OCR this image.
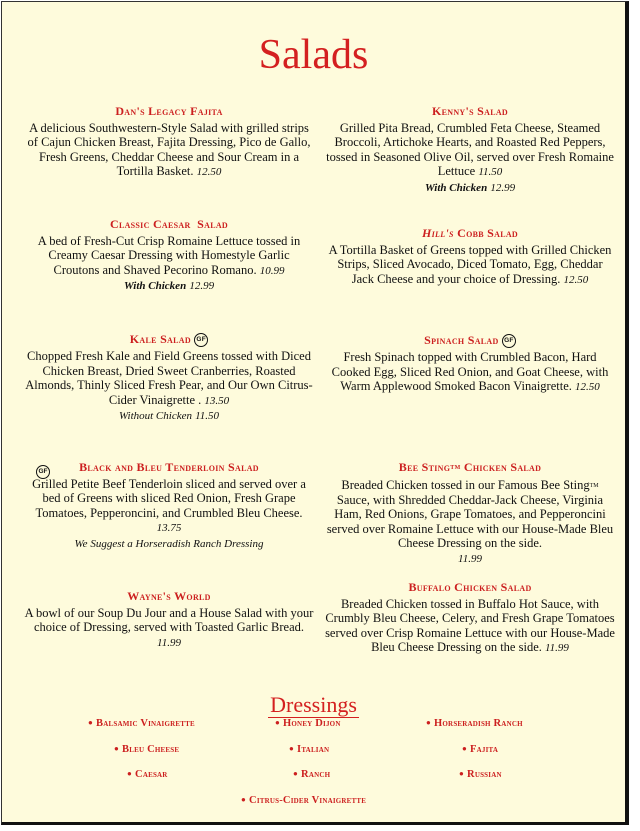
Salads
Dan's Legacy Fajita

A delicious Southwestern-Style Salad with grilled strips of Cajun Chicken Breast, Fajita Dressing, Pico de Gallo, Fresh Greens, Cheddar Cheese and Sour Cream in a Tortilla Basket. 12.50

Kenny's Salad

Grilled Pita Bread, Crumbled Feta Cheese, Steamed Broccoli, Artichoke Hearts, and Roasted Red Peppers, tossed in Seasoned Olive Oil, served over Fresh Romaine Lettuce 11.50

With Chicken 12.99

Classic Caesar  Salad

A bed of Fresh-Cut Crisp Romaine Lettuce tossed in Creamy Caesar Dressing with Homestyle Garlic Croutons and Shaved Pecorino Romano. 10.99

With Chicken 12.99

Hill's Cobb Salad

A Tortilla Basket of Greens topped with Grilled Chicken Strips, Sliced Avocado, Diced Tomato, Egg, Cheddar Jack Cheese and your choice of Dressing. 12.50

Kale Salad GF

Chopped Fresh Kale and Field Greens tossed with Diced Chicken Breast, Dried Sweet Cranberries, Roasted Almonds, Thinly Sliced Fresh Pear, and Our Own Citrus-Cider Vinaigrette . 13.50

Without Chicken 11.50

Spinach Salad GF

Fresh Spinach topped with Crumbled Bacon, Hard Cooked Egg, Sliced Red Onion, and Goat Cheese, with Warm Applewood Smoked Bacon Vinaigrette. 12.50

GF	Black and Bleu Tenderloin Salad

Grilled Petite Beef Tenderloin sliced and served over a bed of Greens with sliced Red Onion, Fresh Grape Tomatoes, Pepperoncini, and Crumbled Bleu Cheese.

13.75

We Suggest a Horseradish Ranch Dressing

Bee StingTM Chicken Salad

Breaded Chicken tossed in our Famous Bee StingTM Sauce, with Shredded Cheddar-Jack Cheese, Virginia Ham, Red Onions, Grape Tomatoes, and Pepperoncini served over Romaine Lettuce with our House-Made Bleu Cheese Dressing on the side.

11.99

Wayne's World

A bowl of our Soup Du Jour and a House Salad with your choice of Dressing, served with Toasted Garlic Bread. 11.99

Buffalo Chicken Salad

Breaded Chicken tossed in Buffalo Hot Sauce, with Crumbly Bleu Cheese, Celery, and Fresh Grape Tomatoes served over Crisp Romaine Lettuce with our House-Made Bleu Cheese Dressing on the side. 11.99

Dressings
● Balsamic Vinaigrette	● Honey Dijon	● Horseradish Ranch
● Bleu Cheese	● Italian	● Fajita
● Caesar	● Ranch	● Russian
● Citrus-Cider Vinaigrette
